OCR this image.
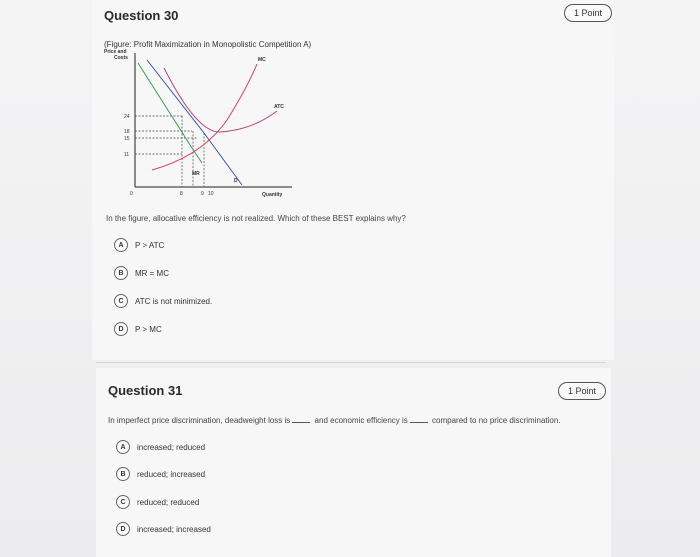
Question 30	1 Point
(Figure: Profit Maximization in Monopolistic Competition A)
Price and
Costs
Quantity
MC
ATC
MR
D
24
18
15
11
0	8	9 10
In the figure, allocative efficiency is not realized. Which of these BEST explains why?
A	P > ATC
B	MR = MC
C	ATC is not minimized.
D	P > MC
Question 31	1 Point
In imperfect price discrimination, deadweight loss is	and economic efficiency is	compared to no price discrimination.
A	increased; reduced
B	reduced; increased
C	reduced; reduced
D	increased; increased
